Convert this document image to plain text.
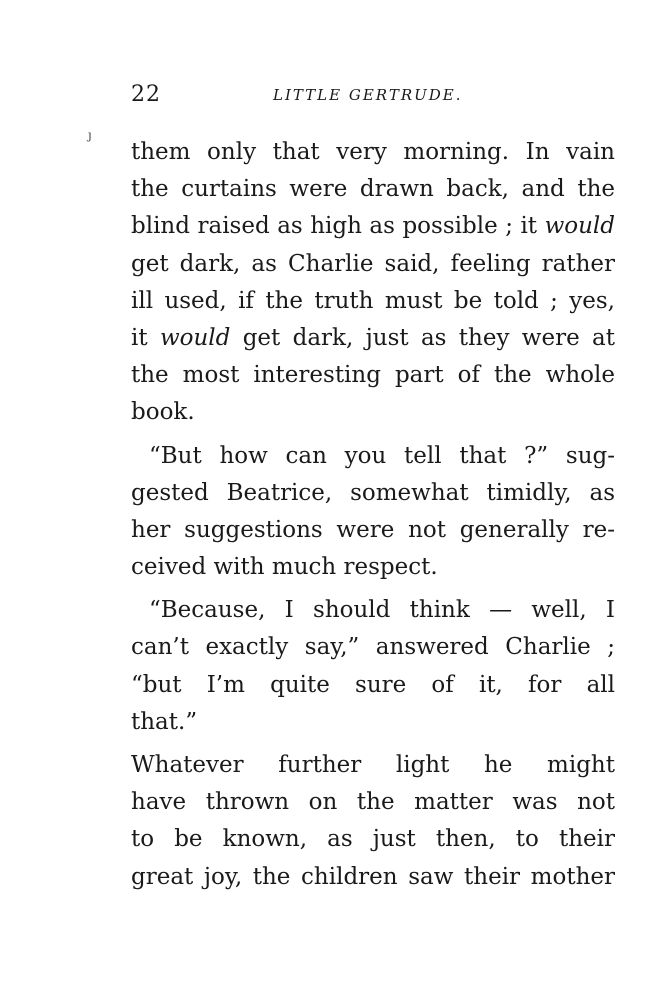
22	LITTLE GERTRUDE.
ȷ

them only that very morning. In vain
the curtains were drawn back, and the
blind raised as high as possible ; it would
get dark, as Charlie said, feeling rather
ill used, if the truth must be told ; yes,
it would get dark, just as they were at
the most interesting part of the whole
book.

“But how can you tell that ?” sug-
gested Beatrice, somewhat timidly, as
her suggestions were not generally re-
ceived with much respect.

“Because, I should think — well, I
can’t exactly say,” answered Charlie ;
“but I’m quite sure of it, for all
that.”

Whatever further light he might
have thrown on the matter was not
to be known, as just then, to their
great joy, the children saw their mother
